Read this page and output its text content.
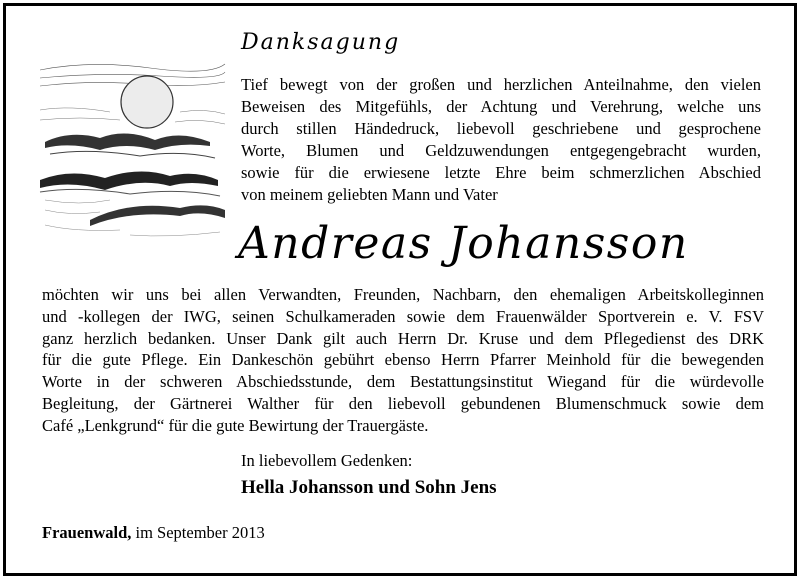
Danksagung
Tief bewegt von der großen und herzlichen Anteilnahme, den vielen
Beweisen des Mitgefühls, der Achtung und Verehrung, welche uns
durch stillen Händedruck, liebevoll geschriebene und gesprochene
Worte, Blumen und Geldzuwendungen entgegengebracht wurden,
sowie für die erwiesene letzte Ehre beim schmerzlichen Abschied
von meinem geliebten Mann und Vater
Andreas Johansson
möchten wir uns bei allen Verwandten, Freunden, Nachbarn, den ehemaligen Arbeitskolleginnen
und -kollegen der IWG, seinen Schulkameraden sowie dem Frauenwälder Sportverein e. V. FSV
ganz herzlich bedanken. Unser Dank gilt auch Herrn Dr. Kruse und dem Pflegedienst des DRK
für die gute Pflege. Ein Dankeschön gebührt ebenso Herrn Pfarrer Meinhold für die bewegenden
Worte in der schweren Abschiedsstunde, dem Bestattungsinstitut Wiegand für die würdevolle
Begleitung, der Gärtnerei Walther für den liebevoll gebundenen Blumenschmuck sowie dem
Café „Lenkgrund“ für die gute Bewirtung der Trauergäste.
In liebevollem Gedenken:
Hella Johansson und Sohn Jens
Frauenwald, im September 2013
